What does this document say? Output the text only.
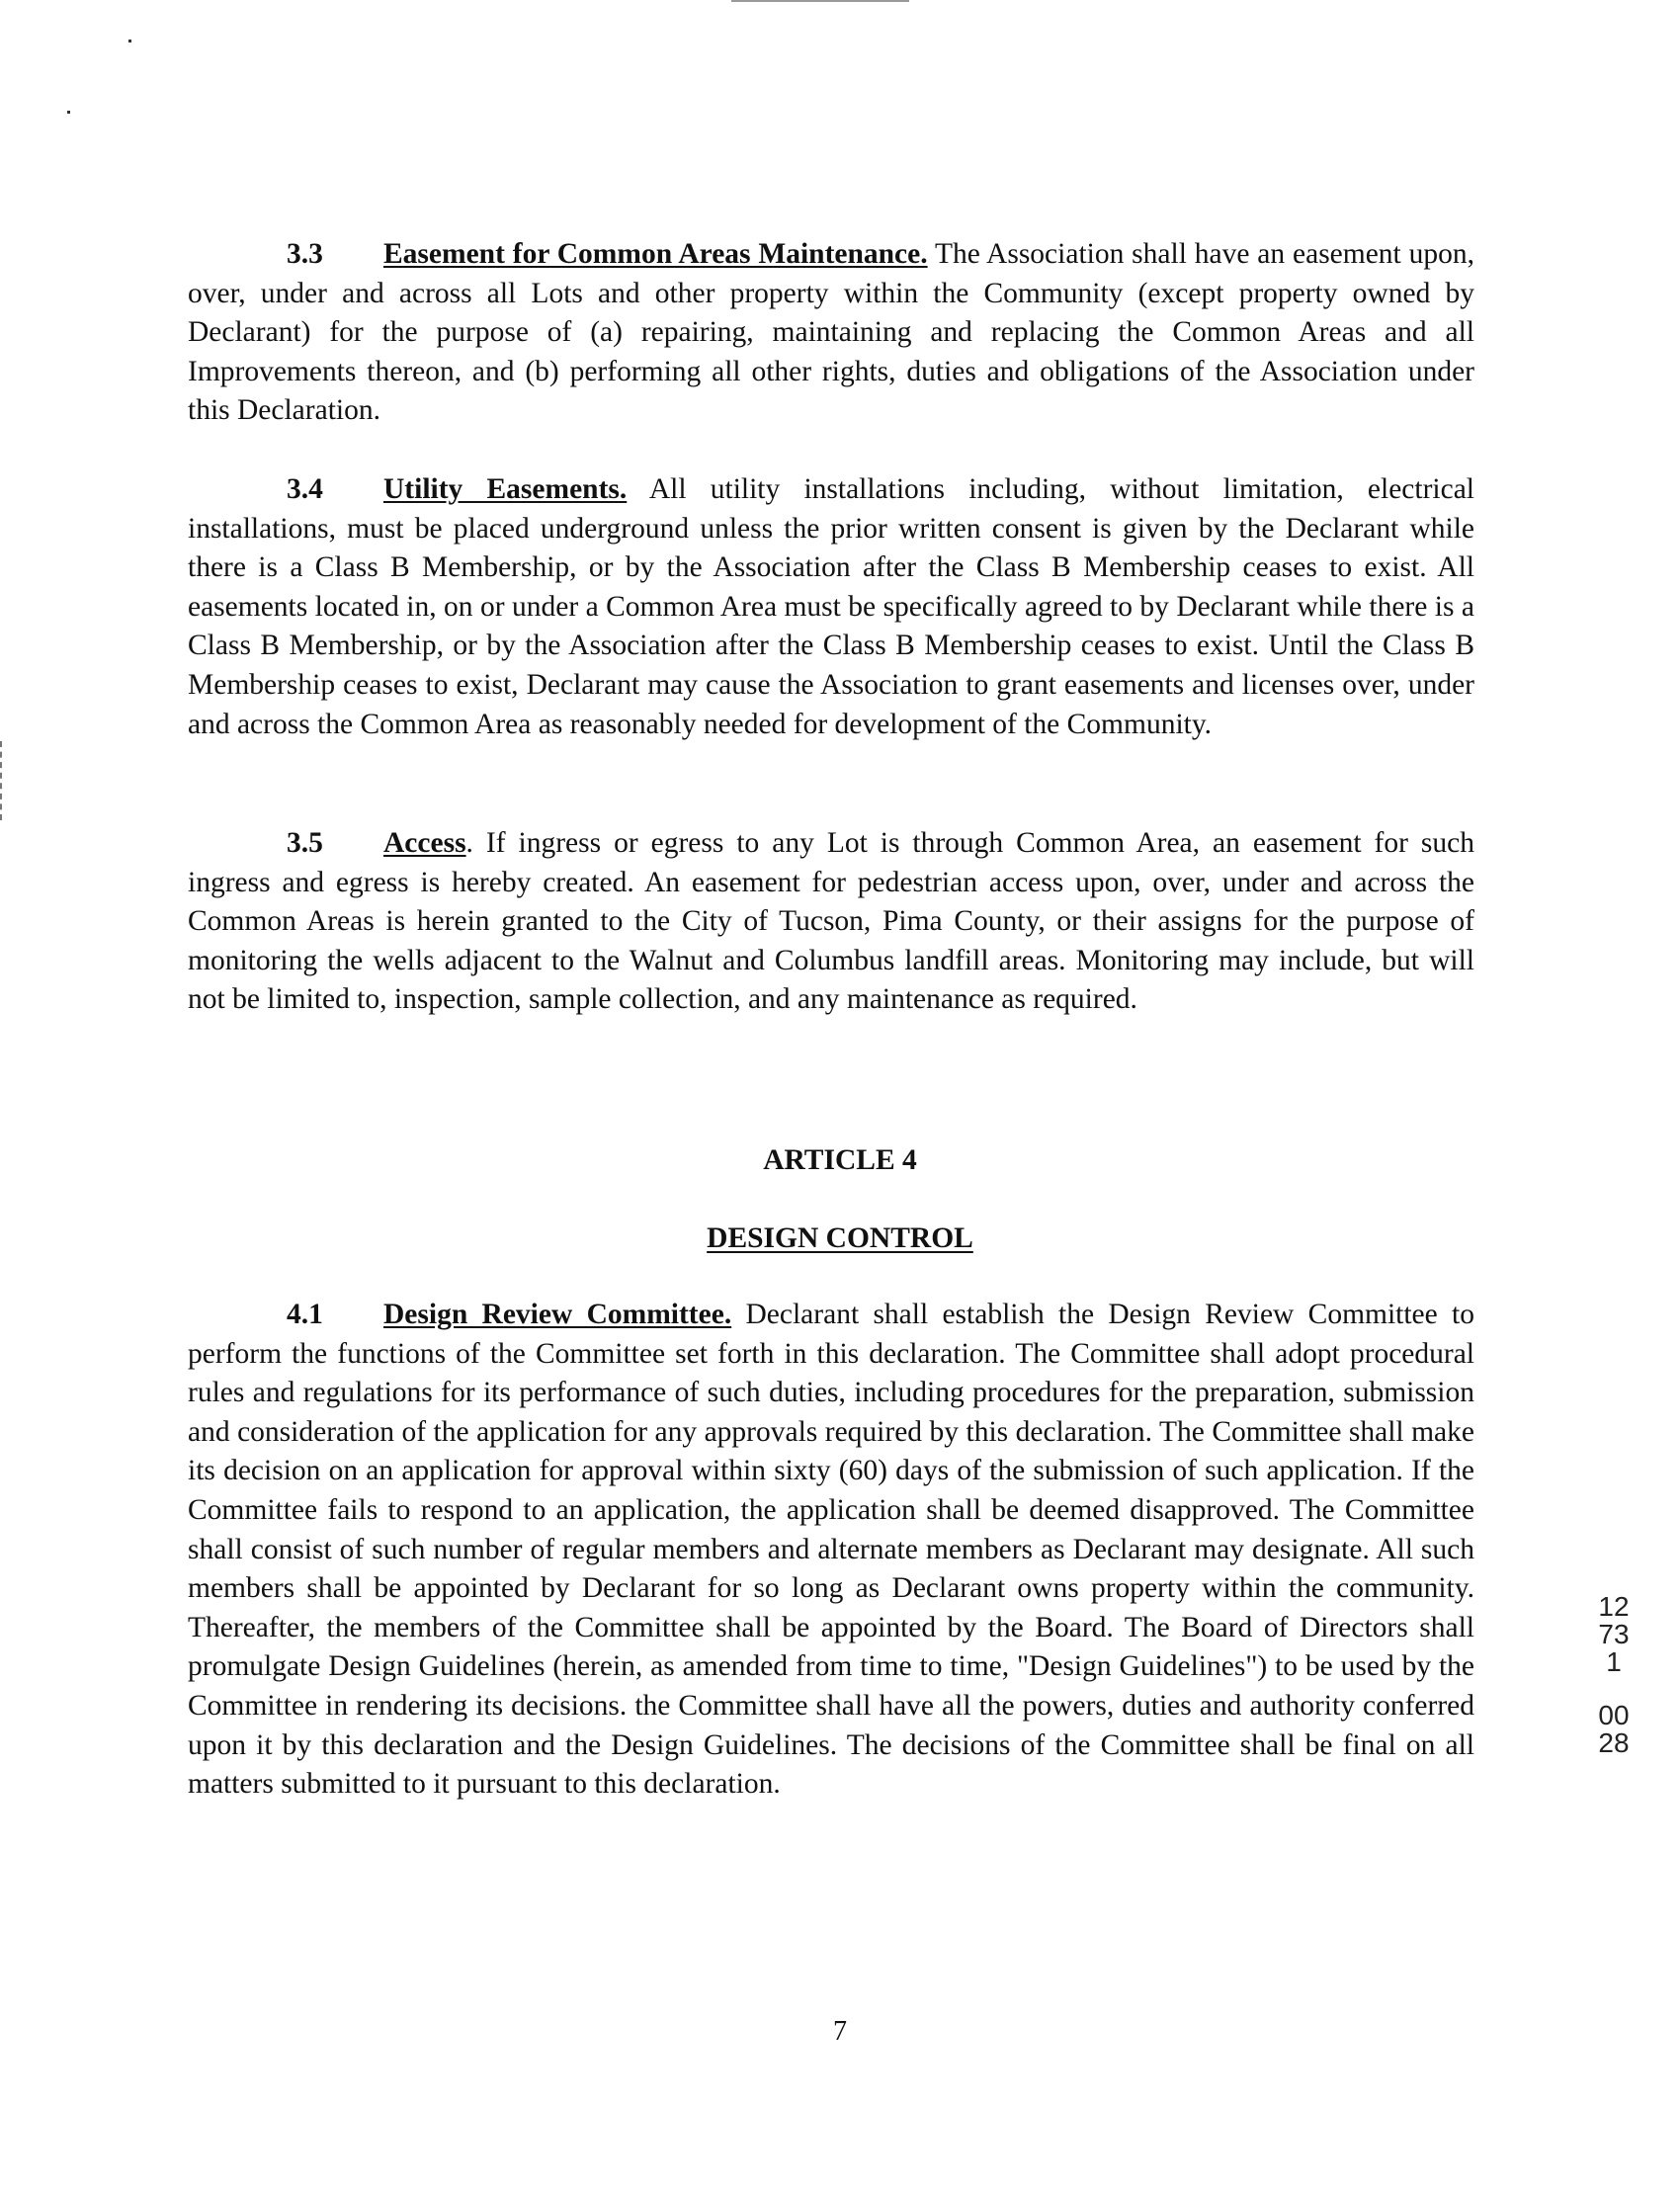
3.3 Easement for Common Areas Maintenance. The Association shall have an easement upon, over, under and across all Lots and other property within the Community (except property owned by Declarant) for the purpose of (a) repairing, maintaining and replacing the Common Areas and all Improvements thereon, and (b) performing all other rights, duties and obligations of the Association under this Declaration.

3.4 Utility Easements. All utility installations including, without limitation, electrical installations, must be placed underground unless the prior written consent is given by the Declarant while there is a Class B Membership, or by the Association after the Class B Membership ceases to exist. All easements located in, on or under a Common Area must be specifically agreed to by Declarant while there is a Class B Membership, or by the Association after the Class B Membership ceases to exist. Until the Class B Membership ceases to exist, Declarant may cause the Association to grant easements and licenses over, under and across the Common Area as reasonably needed for development of the Community.

3.5 Access. If ingress or egress to any Lot is through Common Area, an easement for such ingress and egress is hereby created. An easement for pedestrian access upon, over, under and across the Common Areas is herein granted to the City of Tucson, Pima County, or their assigns for the purpose of monitoring the wells adjacent to the Walnut and Columbus landfill areas. Monitoring may include, but will not be limited to, inspection, sample collection, and any maintenance as required.

ARTICLE 4
DESIGN CONTROL

4.1 Design Review Committee. Declarant shall establish the Design Review Committee to perform the functions of the Committee set forth in this declaration. The Committee shall adopt procedural rules and regulations for its performance of such duties, including procedures for the preparation, submission and consideration of the application for any approvals required by this declaration. The Committee shall make its decision on an application for approval within sixty (60) days of the submission of such application. If the Committee fails to respond to an application, the application shall be deemed disapproved. The Committee shall consist of such number of regular members and alternate members as Declarant may designate. All such members shall be appointed by Declarant for so long as Declarant owns property within the community. Thereafter, the members of the Committee shall be appointed by the Board. The Board of Directors shall promulgate Design Guidelines (herein, as amended from time to time, "Design Guidelines") to be used by the Committee in rendering its decisions. the Committee shall have all the powers, duties and authority conferred upon it by this declaration and the Design Guidelines. The decisions of the Committee shall be final on all matters submitted to it pursuant to this declaration.

7
12731
0028
